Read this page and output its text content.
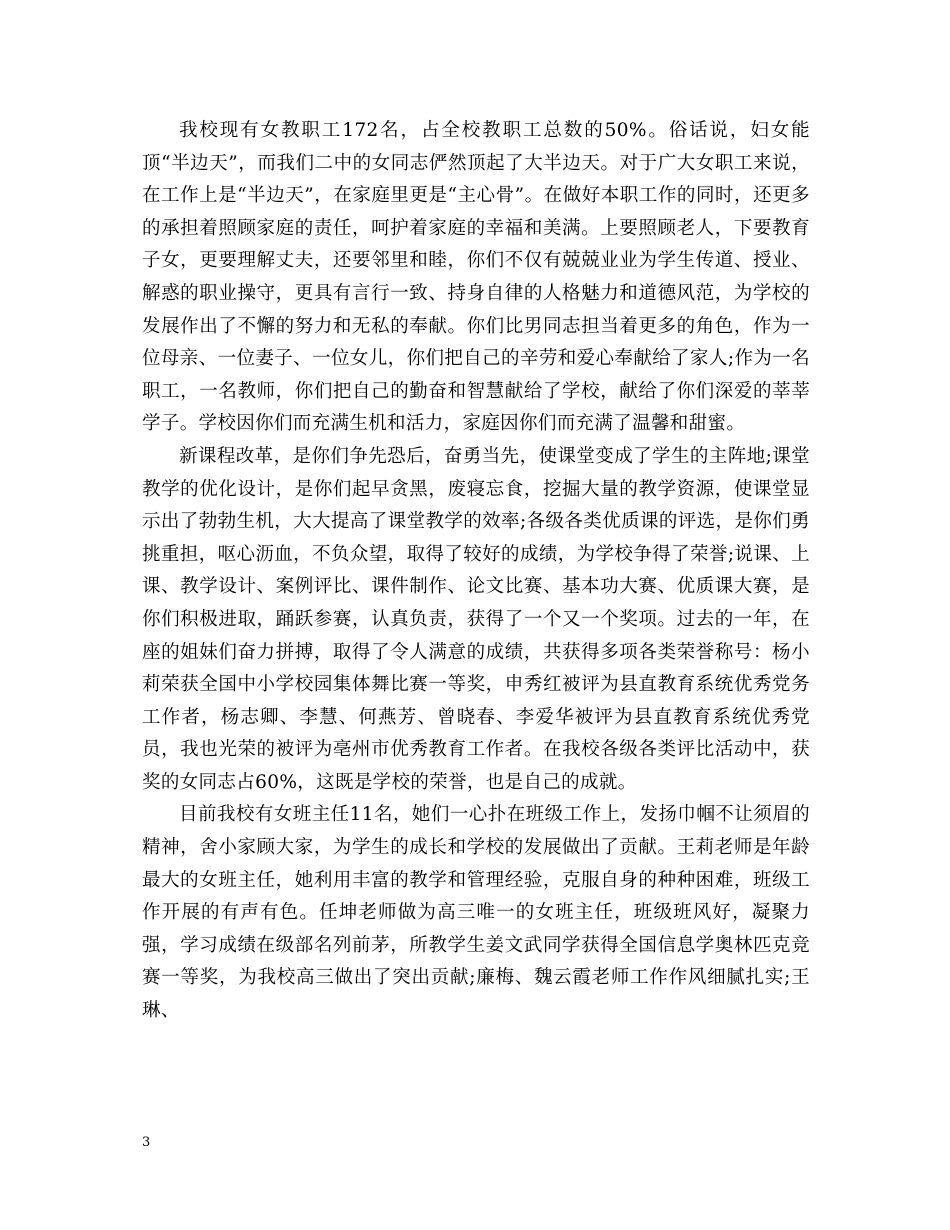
我校现有女教职工172名，占全校教职工总数的50%。俗话说，妇女能顶“半边天”，而我们二中的女同志俨然顶起了大半边天。对于广大女职工来说，在工作上是“半边天”，在家庭里更是“主心骨”。在做好本职工作的同时，还更多的承担着照顾家庭的责任，呵护着家庭的幸福和美满。上要照顾老人，下要教育子女，更要理解丈夫，还要邻里和睦，你们不仅有兢兢业业为学生传道、授业、解惑的职业操守，更具有言行一致、持身自律的人格魅力和道德风范，为学校的发展作出了不懈的努力和无私的奉献。你们比男同志担当着更多的角色，作为一位母亲、一位妻子、一位女儿，你们把自己的辛劳和爱心奉献给了家人;作为一名职工，一名教师，你们把自己的勤奋和智慧献给了学校，献给了你们深爱的莘莘学子。学校因你们而充满生机和活力，家庭因你们而充满了温馨和甜蜜。

新课程改革，是你们争先恐后，奋勇当先，使课堂变成了学生的主阵地;课堂教学的优化设计，是你们起早贪黑，废寝忘食，挖掘大量的教学资源，使课堂显示出了勃勃生机，大大提高了课堂教学的效率;各级各类优质课的评选，是你们勇挑重担，呕心沥血，不负众望，取得了较好的成绩，为学校争得了荣誉;说课、上课、教学设计、案例评比、课件制作、论文比赛、基本功大赛、优质课大赛，是你们积极进取，踊跃参赛，认真负责，获得了一个又一个奖项。过去的一年，在座的姐妹们奋力拼搏，取得了令人满意的成绩，共获得多项各类荣誉称号：杨小莉荣获全国中小学校园集体舞比赛一等奖，申秀红被评为县直教育系统优秀党务工作者，杨志卿、李慧、何燕芳、曾晓春、李爱华被评为县直教育系统优秀党员，我也光荣的被评为亳州市优秀教育工作者。在我校各级各类评比活动中，获奖的女同志占60%，这既是学校的荣誉，也是自己的成就。

目前我校有女班主任11名，她们一心扑在班级工作上，发扬巾帼不让须眉的精神，舍小家顾大家，为学生的成长和学校的发展做出了贡献。王莉老师是年龄最大的女班主任，她利用丰富的教学和管理经验，克服自身的种种困难，班级工作开展的有声有色。任坤老师做为高三唯一的女班主任，班级班风好，凝聚力强，学习成绩在级部名列前茅，所教学生姜文武同学获得全国信息学奥林匹克竞赛一等奖，为我校高三做出了突出贡献;廉梅、魏云霞老师工作作风细腻扎实;王琳、

3
